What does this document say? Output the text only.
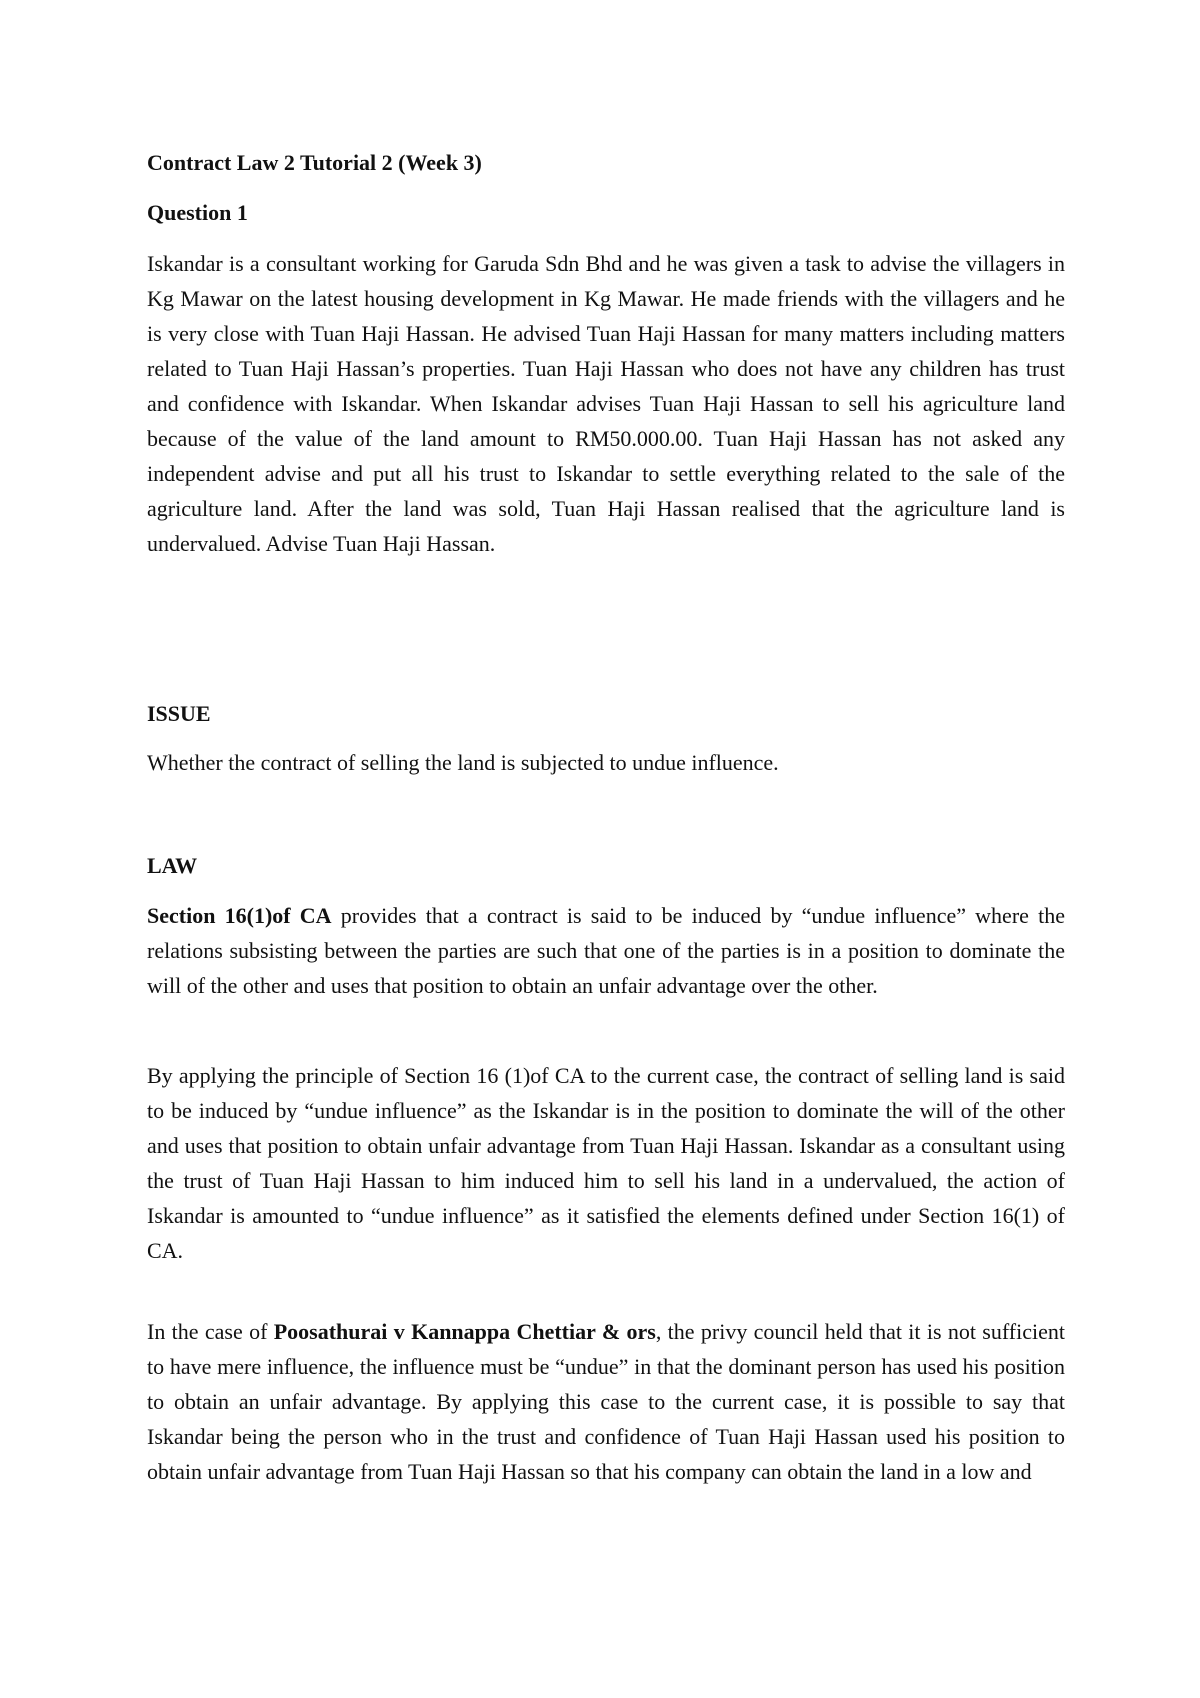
Contract Law 2 Tutorial 2 (Week 3)
Question 1
Iskandar is a consultant working for Garuda Sdn Bhd and he was given a task to advise the villagers in Kg Mawar on the latest housing development in Kg Mawar. He made friends with the villagers and he is very close with Tuan Haji Hassan. He advised Tuan Haji Hassan for many matters including matters related to Tuan Haji Hassan’s properties. Tuan Haji Hassan who does not have any children has trust and confidence with Iskandar. When Iskandar advises Tuan Haji Hassan to sell his agriculture land because of the value of the land amount to RM50.000.00. Tuan Haji Hassan has not asked any independent advise and put all his trust to Iskandar to settle everything related to the sale of the agriculture land. After the land was sold, Tuan Haji Hassan realised that the agriculture land is undervalued. Advise Tuan Haji Hassan.
ISSUE
Whether the contract of selling the land is subjected to undue influence.
LAW
Section 16(1)of CA provides that a contract is said to be induced by “undue influence” where the relations subsisting between the parties are such that one of the parties is in a position to dominate the will of the other and uses that position to obtain an unfair advantage over the other.
By applying the principle of Section 16 (1)of CA to the current case, the contract of selling land is said to be induced by “undue influence” as the Iskandar is in the position to dominate the will of the other and uses that position to obtain unfair advantage from Tuan Haji Hassan. Iskandar as a consultant using the trust of Tuan Haji Hassan to him induced him to sell his land in a undervalued, the action of Iskandar is amounted to “undue influence” as it satisfied the elements defined under Section 16(1) of CA.
In the case of Poosathurai v Kannappa Chettiar & ors, the privy council held that it is not sufficient to have mere influence, the influence must be “undue” in that the dominant person has used his position to obtain an unfair advantage. By applying this case to the current case, it is possible to say that Iskandar being the person who in the trust and confidence of Tuan Haji Hassan used his position to obtain unfair advantage from Tuan Haji Hassan so that his company can obtain the land in a low and
